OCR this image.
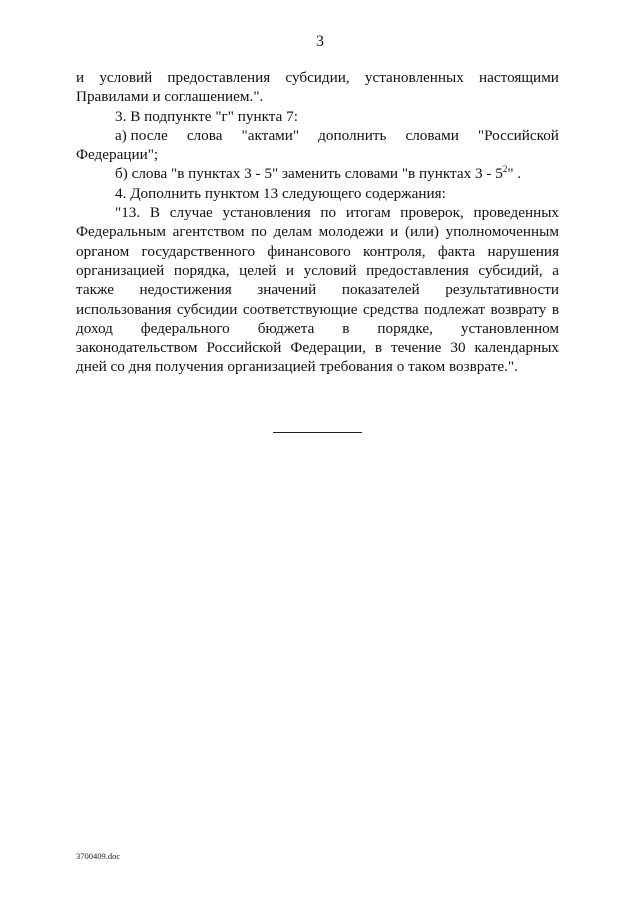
3
и условий предоставления субсидии, установленных настоящими

Правилами и соглашением.".

3. В подпункте "г" пункта 7:

а) после слова "актами" дополнить словами "Российской

Федерации";

б) слова "в пунктах 3 - 5" заменить словами "в пунктах $3 - 5^2$" .

4. Дополнить пунктом 13 следующего содержания:

"13. В случае установления по итогам проверок, проведенных Федеральным агентством по делам молодежи и (или) уполномоченным органом государственного финансового контроля, факта нарушения организацией порядка, целей и условий предоставления субсидий, а также недостижения значений показателей результативности использования субсидии соответствующие средства подлежат возврату в доход федерального бюджета в порядке, установленном законодательством Российской Федерации, в течение 30 календарных дней со дня получения организацией требования о таком возврате.".

3700409.doc
